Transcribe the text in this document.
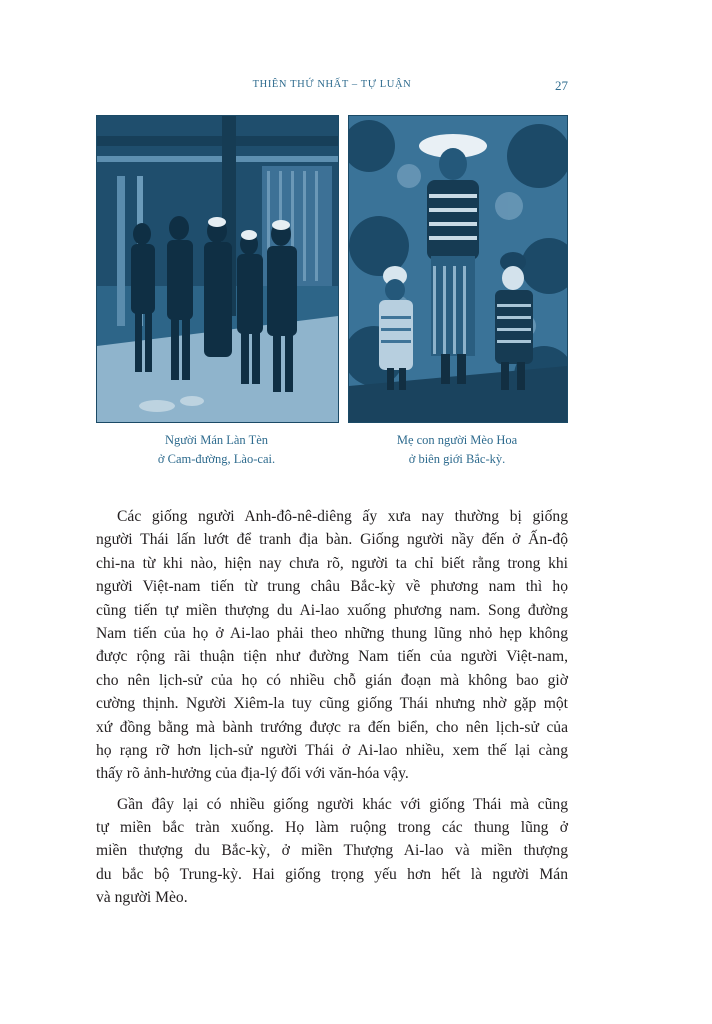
THIÊN THỨ NHẤT – TỰ LUẬN	27
Người Mán Làn Tèn
ở Cam-đường, Lào-cai.
Mẹ con người Mèo Hoa
ở biên giới Bắc-kỳ.
Các giống người Anh-đô-nê-diêng ấy xưa nay thường bị giống
người Thái lấn lướt để tranh địa bàn. Giống người nầy đến ở Ấn-độ
chi-na từ khi nào, hiện nay chưa rõ, người ta chỉ biết rằng trong khi
người Việt-nam tiến từ trung châu Bắc-kỳ về phương nam thì họ
cũng tiến tự miền thượng du Ai-lao xuống phương nam. Song đường
Nam tiến của họ ở Ai-lao phải theo những thung lũng nhỏ hẹp không
được rộng rãi thuận tiện như đường Nam tiến của người Việt-nam,
cho nên lịch-sử của họ có nhiều chỗ gián đoạn mà không bao giờ
cường thịnh. Người Xiêm-la tuy cũng giống Thái nhưng nhờ gặp một
xứ đồng bằng mà bành trướng được ra đến biển, cho nên lịch-sử của
họ rạng rỡ hơn lịch-sử người Thái ở Ai-lao nhiều, xem thế lại càng
thấy rõ ảnh-hưởng của địa-lý đối với văn-hóa vậy.
Gần đây lại có nhiều giống người khác với giống Thái mà cũng
tự miền bắc tràn xuống. Họ làm ruộng trong các thung lũng ở
miền thượng du Bắc-kỳ, ở miền Thượng Ai-lao và miền thượng
du bắc bộ Trung-kỳ. Hai giống trọng yếu hơn hết là người Mán
và người Mèo.
